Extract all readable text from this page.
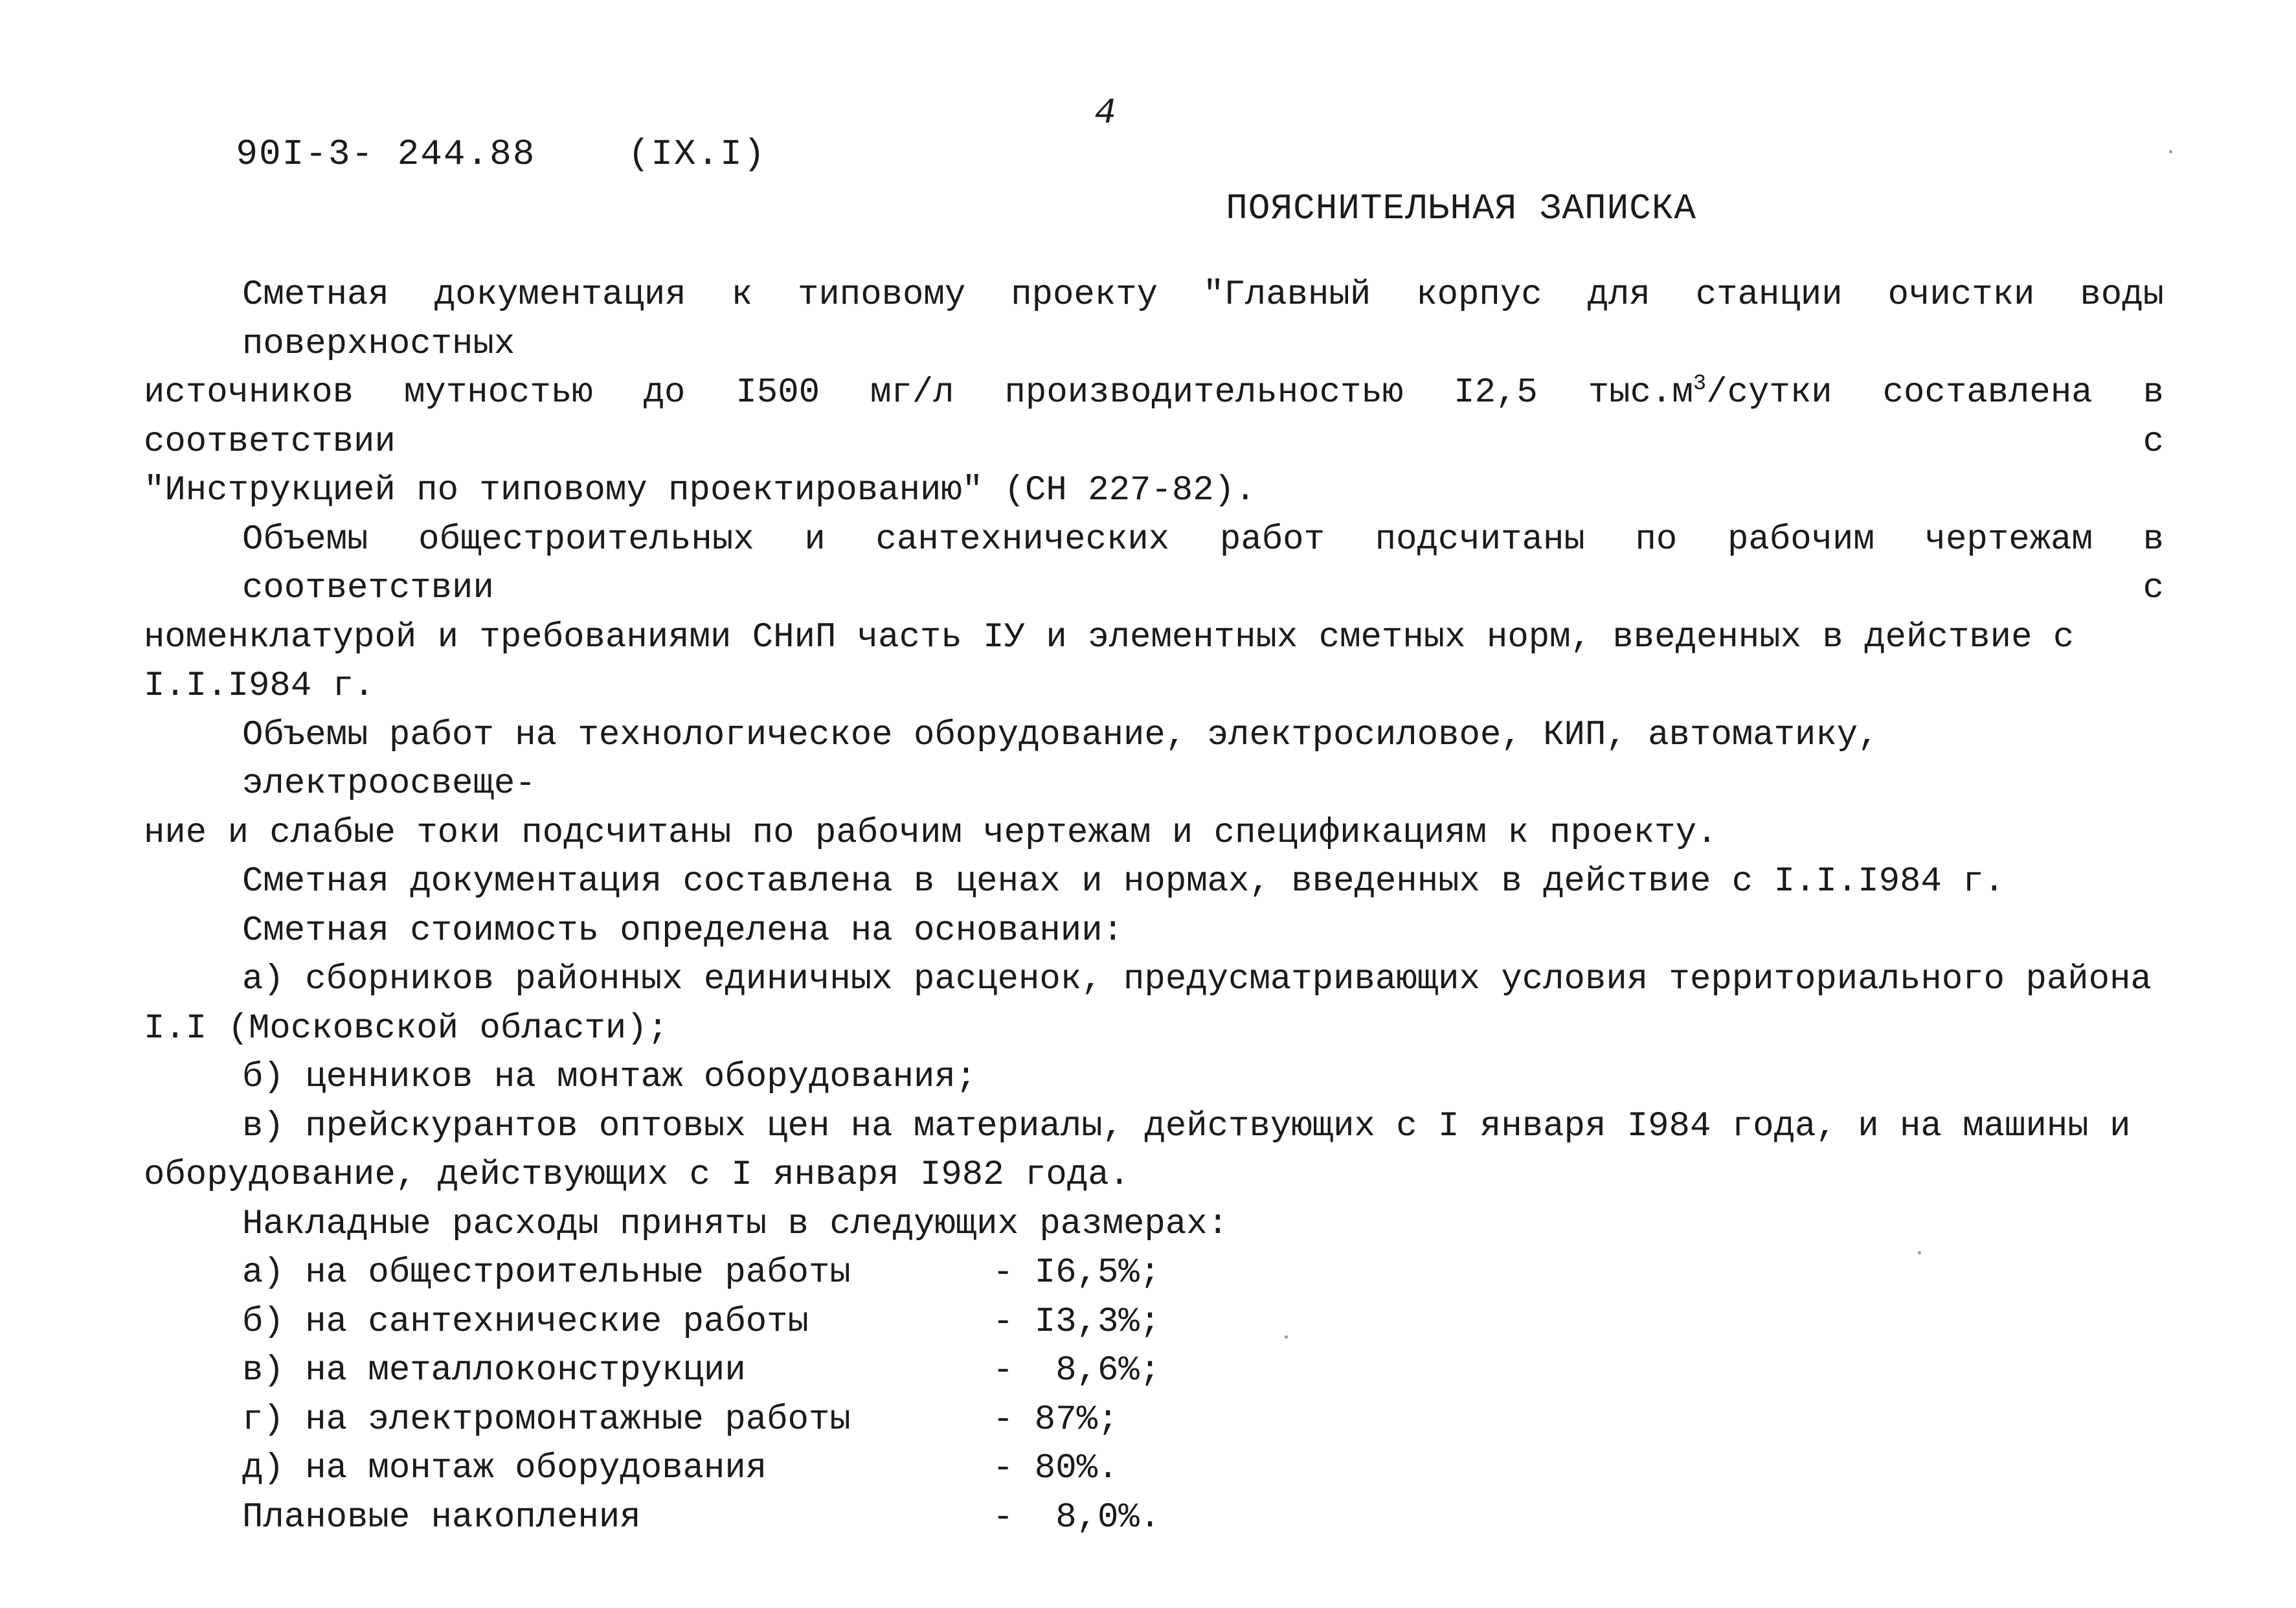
90I-3- 244.88	(IX.I)

4
ПОЯСНИТЕЛЬНАЯ ЗАПИСКА

Сметная документация к типовому проекту "Главный корпус для станции очистки воды поверхностных

источников мутностью до I500 мг/л производительностью I2,5 $тыс.м^3$/сутки составлена в соответствии с

"Инструкцией по типовому проектированию" (СН 227-82).

Объемы общестроительных и сантехнических работ подсчитаны по рабочим чертежам в соответствии с

номенклатурой и требованиями СНиП часть IУ и элементных сметных норм, введенных в действие с

I.I.I984 г.

Объемы работ на технологическое оборудование, электросиловое, КИП, автоматику, электроосвеще-

ние и слабые токи подсчитаны по рабочим чертежам и спецификациям к проекту.

Сметная документация составлена в ценах и нормах, введенных в действие с I.I.I984 г.

Сметная стоимость определена на основании:

а) сборников районных единичных расценок, предусматривающих условия территориального района

I.I (Московской области);

б) ценников на монтаж оборудования;

в) прейскурантов оптовых цен на материалы, действующих с I января I984 года, и на машины и

оборудование, действующих с I января I982 года.

Накладные расходы приняты в следующих размерах:

а) на общестроительные работы	- I6,5%;
б) на сантехнические работы	- I3,3%;
в) на металлоконструкции	-  8,6%;
г) на электромонтажные работы	- 87%;
д) на монтаж оборудования	- 80%.
Плановые накопления	-  8,0%.
